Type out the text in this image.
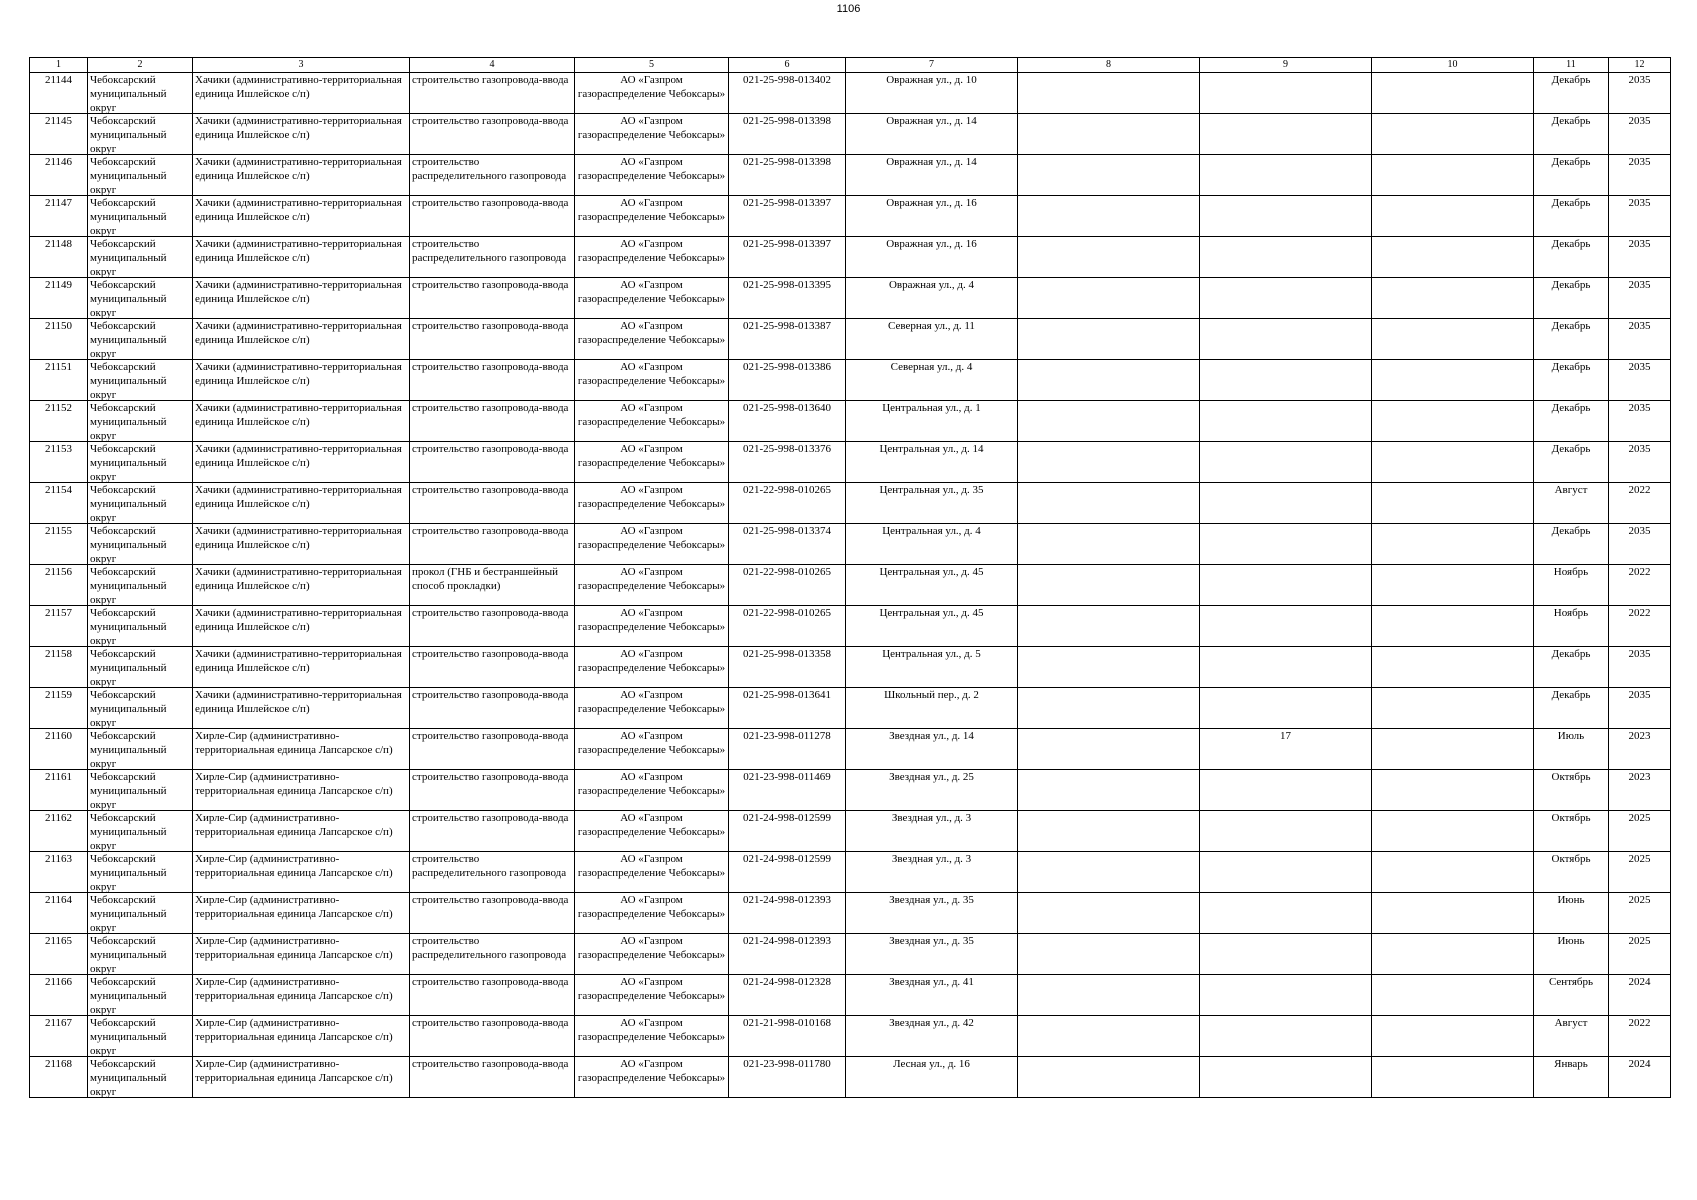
1106
1	2	3	4	5	6	7	8	9	10	11	12

21144	Чебоксарский муниципальный округ	Хачики (административно-территориальная единица Ишлейское с/п)	строительство газопровода-ввода	АО «Газпром газораспределение Чебоксары»	021-25-998-013402	Овражная ул., д. 10				Декабрь	2035

21145	Чебоксарский муниципальный округ	Хачики (административно-территориальная единица Ишлейское с/п)	строительство газопровода-ввода	АО «Газпром газораспределение Чебоксары»	021-25-998-013398	Овражная ул., д. 14				Декабрь	2035

21146	Чебоксарский муниципальный округ	Хачики (административно-территориальная единица Ишлейское с/п)	строительство распределительного газопровода	АО «Газпром газораспределение Чебоксары»	021-25-998-013398	Овражная ул., д. 14				Декабрь	2035

21147	Чебоксарский муниципальный округ	Хачики (административно-территориальная единица Ишлейское с/п)	строительство газопровода-ввода	АО «Газпром газораспределение Чебоксары»	021-25-998-013397	Овражная ул., д. 16				Декабрь	2035

21148	Чебоксарский муниципальный округ	Хачики (административно-территориальная единица Ишлейское с/п)	строительство распределительного газопровода	АО «Газпром газораспределение Чебоксары»	021-25-998-013397	Овражная ул., д. 16				Декабрь	2035

21149	Чебоксарский муниципальный округ	Хачики (административно-территориальная единица Ишлейское с/п)	строительство газопровода-ввода	АО «Газпром газораспределение Чебоксары»	021-25-998-013395	Овражная ул., д. 4				Декабрь	2035

21150	Чебоксарский муниципальный округ	Хачики (административно-территориальная единица Ишлейское с/п)	строительство газопровода-ввода	АО «Газпром газораспределение Чебоксары»	021-25-998-013387	Северная ул., д. 11				Декабрь	2035

21151	Чебоксарский муниципальный округ	Хачики (административно-территориальная единица Ишлейское с/п)	строительство газопровода-ввода	АО «Газпром газораспределение Чебоксары»	021-25-998-013386	Северная ул., д. 4				Декабрь	2035

21152	Чебоксарский муниципальный округ	Хачики (административно-территориальная единица Ишлейское с/п)	строительство газопровода-ввода	АО «Газпром газораспределение Чебоксары»	021-25-998-013640	Центральная ул., д. 1				Декабрь	2035

21153	Чебоксарский муниципальный округ	Хачики (административно-территориальная единица Ишлейское с/п)	строительство газопровода-ввода	АО «Газпром газораспределение Чебоксары»	021-25-998-013376	Центральная ул., д. 14				Декабрь	2035

21154	Чебоксарский муниципальный округ	Хачики (административно-территориальная единица Ишлейское с/п)	строительство газопровода-ввода	АО «Газпром газораспределение Чебоксары»	021-22-998-010265	Центральная ул., д. 35				Август	2022

21155	Чебоксарский муниципальный округ	Хачики (административно-территориальная единица Ишлейское с/п)	строительство газопровода-ввода	АО «Газпром газораспределение Чебоксары»	021-25-998-013374	Центральная ул., д. 4				Декабрь	2035

21156	Чебоксарский муниципальный округ	Хачики (административно-территориальная единица Ишлейское с/п)	прокол (ГНБ и бестраншейный способ прокладки)	АО «Газпром газораспределение Чебоксары»	021-22-998-010265	Центральная ул., д. 45				Ноябрь	2022

21157	Чебоксарский муниципальный округ	Хачики (административно-территориальная единица Ишлейское с/п)	строительство газопровода-ввода	АО «Газпром газораспределение Чебоксары»	021-22-998-010265	Центральная ул., д. 45				Ноябрь	2022

21158	Чебоксарский муниципальный округ	Хачики (административно-территориальная единица Ишлейское с/п)	строительство газопровода-ввода	АО «Газпром газораспределение Чебоксары»	021-25-998-013358	Центральная ул., д. 5				Декабрь	2035

21159	Чебоксарский муниципальный округ	Хачики (административно-территориальная единица Ишлейское с/п)	строительство газопровода-ввода	АО «Газпром газораспределение Чебоксары»	021-25-998-013641	Школьный пер., д. 2				Декабрь	2035

21160	Чебоксарский муниципальный округ	Хирле-Сир (административно-территориальная единица Лапсарское с/п)	строительство газопровода-ввода	АО «Газпром газораспределение Чебоксары»	021-23-998-011278	Звездная ул., д. 14		17		Июль	2023

21161	Чебоксарский муниципальный округ	Хирле-Сир (административно-территориальная единица Лапсарское с/п)	строительство газопровода-ввода	АО «Газпром газораспределение Чебоксары»	021-23-998-011469	Звездная ул., д. 25				Октябрь	2023

21162	Чебоксарский муниципальный округ	Хирле-Сир (административно-территориальная единица Лапсарское с/п)	строительство газопровода-ввода	АО «Газпром газораспределение Чебоксары»	021-24-998-012599	Звездная ул., д. 3				Октябрь	2025

21163	Чебоксарский муниципальный округ	Хирле-Сир (административно-территориальная единица Лапсарское с/п)	строительство распределительного газопровода	АО «Газпром газораспределение Чебоксары»	021-24-998-012599	Звездная ул., д. 3				Октябрь	2025

21164	Чебоксарский муниципальный округ	Хирле-Сир (административно-территориальная единица Лапсарское с/п)	строительство газопровода-ввода	АО «Газпром газораспределение Чебоксары»	021-24-998-012393	Звездная ул., д. 35				Июнь	2025

21165	Чебоксарский муниципальный округ	Хирле-Сир (административно-территориальная единица Лапсарское с/п)	строительство распределительного газопровода	АО «Газпром газораспределение Чебоксары»	021-24-998-012393	Звездная ул., д. 35				Июнь	2025

21166	Чебоксарский муниципальный округ	Хирле-Сир (административно-территориальная единица Лапсарское с/п)	строительство газопровода-ввода	АО «Газпром газораспределение Чебоксары»	021-24-998-012328	Звездная ул., д. 41				Сентябрь	2024

21167	Чебоксарский муниципальный округ	Хирле-Сир (административно-территориальная единица Лапсарское с/п)	строительство газопровода-ввода	АО «Газпром газораспределение Чебоксары»	021-21-998-010168	Звездная ул., д. 42				Август	2022

21168	Чебоксарский муниципальный округ	Хирле-Сир (административно-территориальная единица Лапсарское с/п)	строительство газопровода-ввода	АО «Газпром газораспределение Чебоксары»	021-23-998-011780	Лесная ул., д. 16				Январь	2024
